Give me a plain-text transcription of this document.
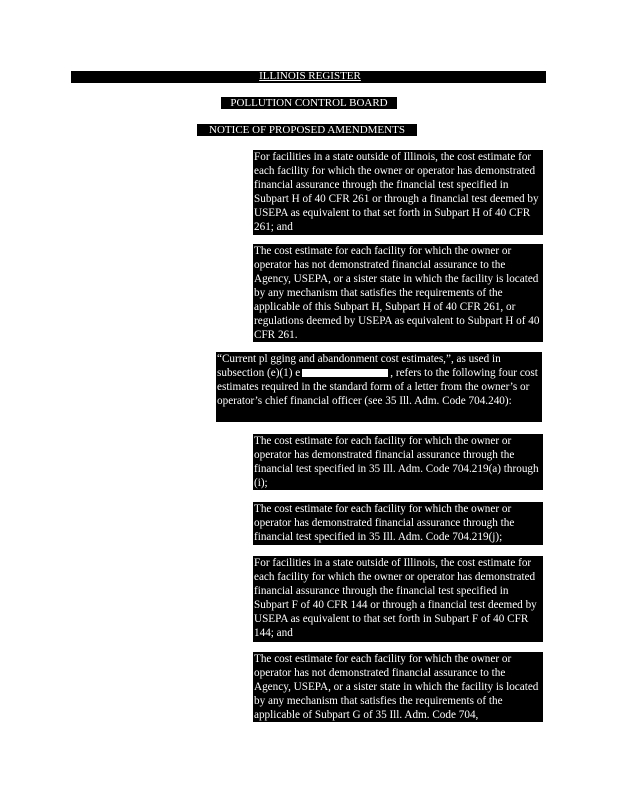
ILLINOIS REGISTER
POLLUTION CONTROL BOARD
NOTICE OF PROPOSED AMENDMENTS

For facilities in a state outside of Illinois, the cost estimate for each facility for which the owner or operator has demonstrated financial assurance through the financial test specified in Subpart H of 40 CFR 261 or through a financial test deemed by USEPA as equivalent to that set forth in Subpart H of 40 CFR 261; and

The cost estimate for each facility for which the owner or operator has not demonstrated financial assurance to the Agency, USEPA, or a sister state in which the facility is located by any mechanism that satisfies the requirements of the applicable of this Subpart H, Subpart H of 40 CFR 261, or regulations deemed by USEPA as equivalent to Subpart H of 40 CFR 261.

“Current pl gging and abandonment cost estimates,”, as used in subsection (e)(1) e	, refers to the following four cost estimates required in the standard form of a letter from the owner’s or operator’s chief financial officer (see 35 Ill. Adm. Code 704.240):

The cost estimate for each facility for which the owner or operator has demonstrated financial assurance through the financial test specified in 35 Ill. Adm. Code 704.219(a) through (i);

The cost estimate for each facility for which the owner or operator has demonstrated financial assurance through the financial test specified in 35 Ill. Adm. Code 704.219(j);

For facilities in a state outside of Illinois, the cost estimate for each facility for which the owner or operator has demonstrated financial assurance through the financial test specified in Subpart F of 40 CFR 144 or through a financial test deemed by USEPA as equivalent to that set forth in Subpart F of 40 CFR 144; and

The cost estimate for each facility for which the owner or operator has not demonstrated financial assurance to the Agency, USEPA, or a sister state in which the facility is located by any mechanism that satisfies the requirements of the applicable of Subpart G of 35 Ill. Adm. Code 704,
